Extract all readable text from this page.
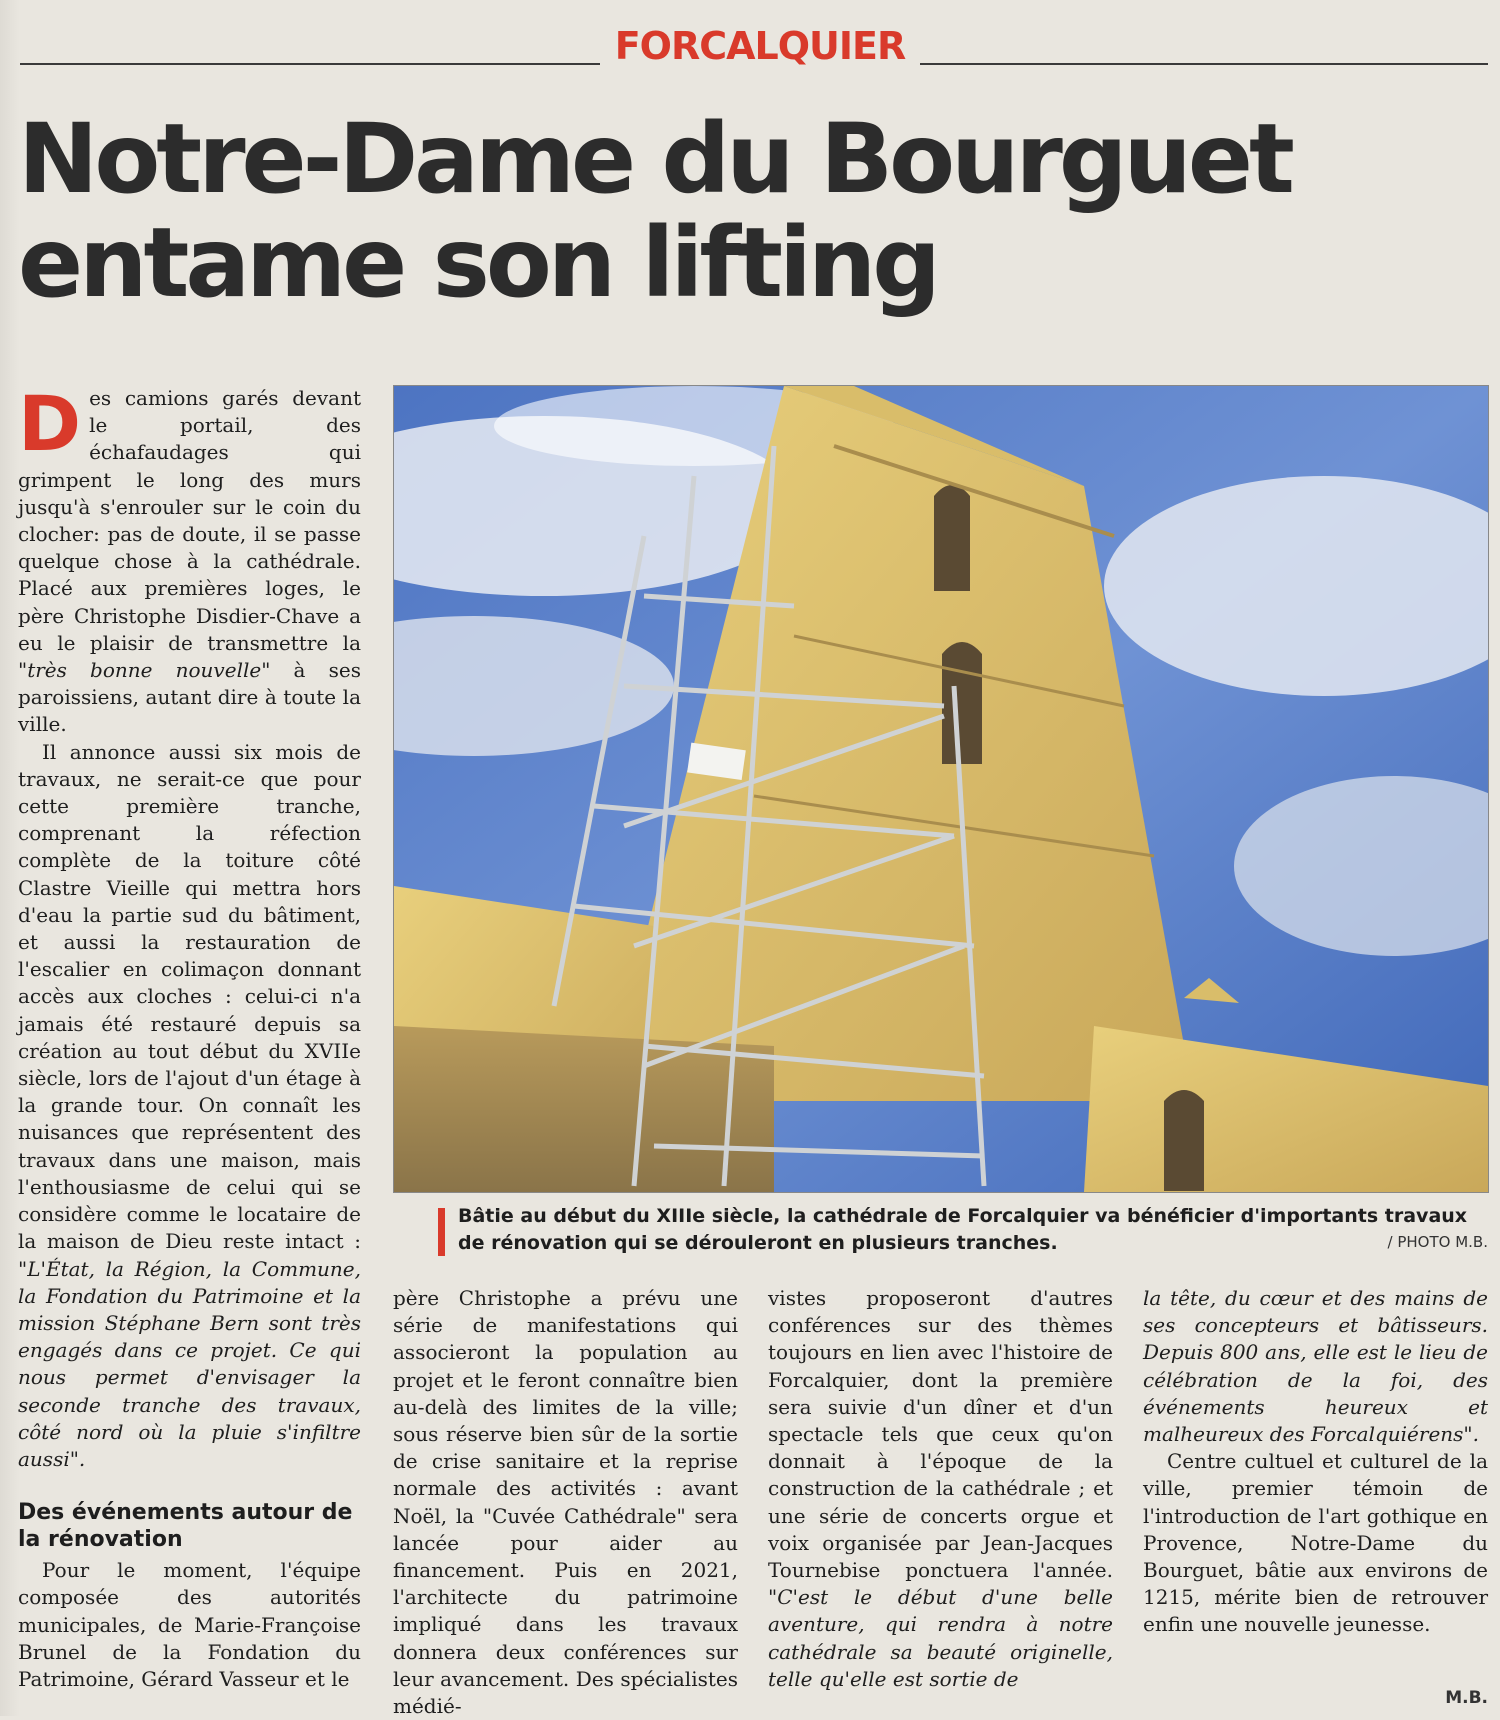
FORCALQUIER
Notre-Dame du Bourguet entame son lifting

Des camions garés devant le portail, des échafaudages qui grimpent le long des murs jusqu'à s'enrouler sur le coin du clocher: pas de doute, il se passe quelque chose à la cathédrale. Placé aux premières loges, le père Christophe Disdier-Chave a eu le plaisir de transmettre la "très bonne nouvelle" à ses paroissiens, autant dire à toute la ville.

Il annonce aussi six mois de travaux, ne serait-ce que pour cette première tranche, comprenant la réfection complète de la toiture côté Clastre Vieille qui mettra hors d'eau la partie sud du bâtiment, et aussi la restauration de l'escalier en colimaçon donnant accès aux cloches : celui-ci n'a jamais été restauré depuis sa création au tout début du XVIIe siècle, lors de l'ajout d'un étage à la grande tour. On connaît les nuisances que représentent des travaux dans une maison, mais l'enthousiasme de celui qui se considère comme le locataire de la maison de Dieu reste intact : "L'État, la Région, la Commune, la Fondation du Patrimoine et la mission Stéphane Bern sont très engagés dans ce projet. Ce qui nous permet d'envisager la seconde tranche des travaux, côté nord où la pluie s'infiltre aussi".

Des événements autour de la rénovation

Pour le moment, l'équipe composée des autorités municipales, de Marie-Françoise Brunel de la Fondation du Patrimoine, Gérard Vasseur et le

Bâtie au début du XIIIe siècle, la cathédrale de Forcalquier va bénéficier d'importants travaux de rénovation qui se dérouleront en plusieurs tranches.	/ PHOTO M.B.

père Christophe a prévu une série de manifestations qui associeront la population au projet et le feront connaître bien au-delà des limites de la ville; sous réserve bien sûr de la sortie de crise sanitaire et la reprise normale des activités : avant Noël, la "Cuvée Cathédrale" sera lancée pour aider au financement. Puis en 2021, l'architecte du patrimoine impliqué dans les travaux donnera deux conférences sur leur avancement. Des spécialistes médié-

vistes proposeront d'autres conférences sur des thèmes toujours en lien avec l'histoire de Forcalquier, dont la première sera suivie d'un dîner et d'un spectacle tels que ceux qu'on donnait à l'époque de la construction de la cathédrale ; et une série de concerts orgue et voix organisée par Jean-Jacques Tournebise ponctuera l'année. "C'est le début d'une belle aventure, qui rendra à notre cathédrale sa beauté originelle, telle qu'elle est sortie de

la tête, du cœur et des mains de ses concepteurs et bâtisseurs. Depuis 800 ans, elle est le lieu de célébration de la foi, des événements heureux et malheureux des Forcalquiérens".

Centre cultuel et culturel de la ville, premier témoin de l'introduction de l'art gothique en Provence, Notre-Dame du Bourguet, bâtie aux environs de 1215, mérite bien de retrouver enfin une nouvelle jeunesse.

M.B.
